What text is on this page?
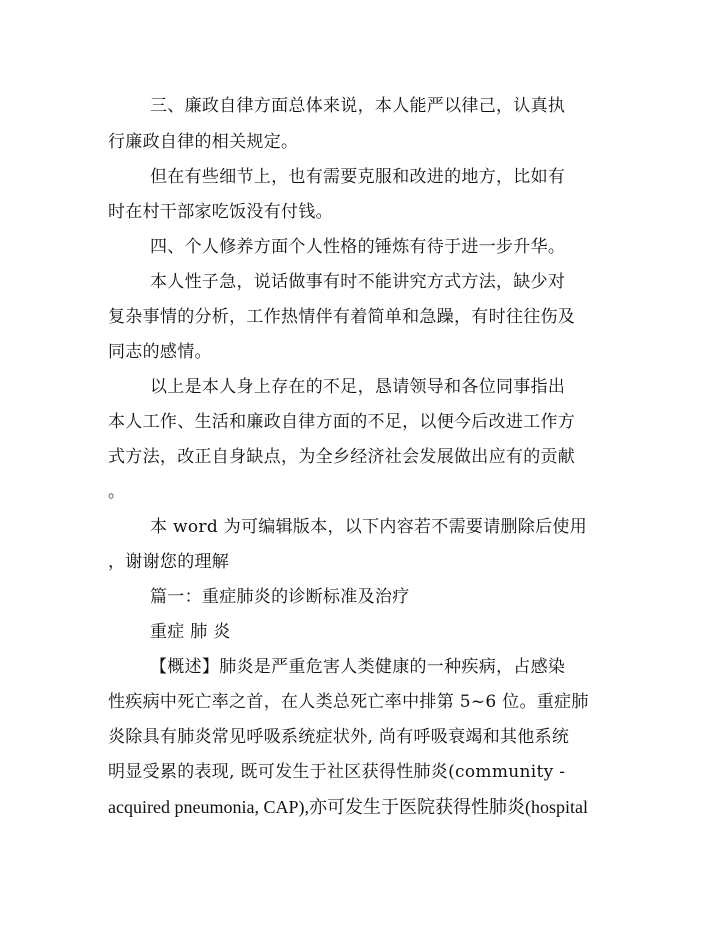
三、廉政自律方面总体来说，本人能严以律己，认真执
行廉政自律的相关规定。
但在有些细节上，也有需要克服和改进的地方，比如有
时在村干部家吃饭没有付钱。
四、个人修养方面个人性格的锤炼有待于进一步升华。
本人性子急，说话做事有时不能讲究方式方法，缺少对
复杂事情的分析，工作热情伴有着简单和急躁，有时往往伤及
同志的感情。
以上是本人身上存在的不足，恳请领导和各位同事指出
本人工作、生活和廉政自律方面的不足，以便今后改进工作方
式方法，改正自身缺点，为全乡经济社会发展做出应有的贡献
。
本 word 为可编辑版本，以下内容若不需要请删除后使用
，谢谢您的理解
篇一：重症肺炎的诊断标准及治疗
重症 肺 炎
【概述】肺炎是严重危害人类健康的一种疾病，占感染
性疾病中死亡率之首，在人类总死亡率中排第 5~6 位。重症肺
炎除具有肺炎常见呼吸系统症状外, 尚有呼吸衰竭和其他系统
明显受累的表现, 既可发生于社区获得性肺炎(community -
acquired pneumonia, CAP),亦可发生于医院获得性肺炎(hospital
